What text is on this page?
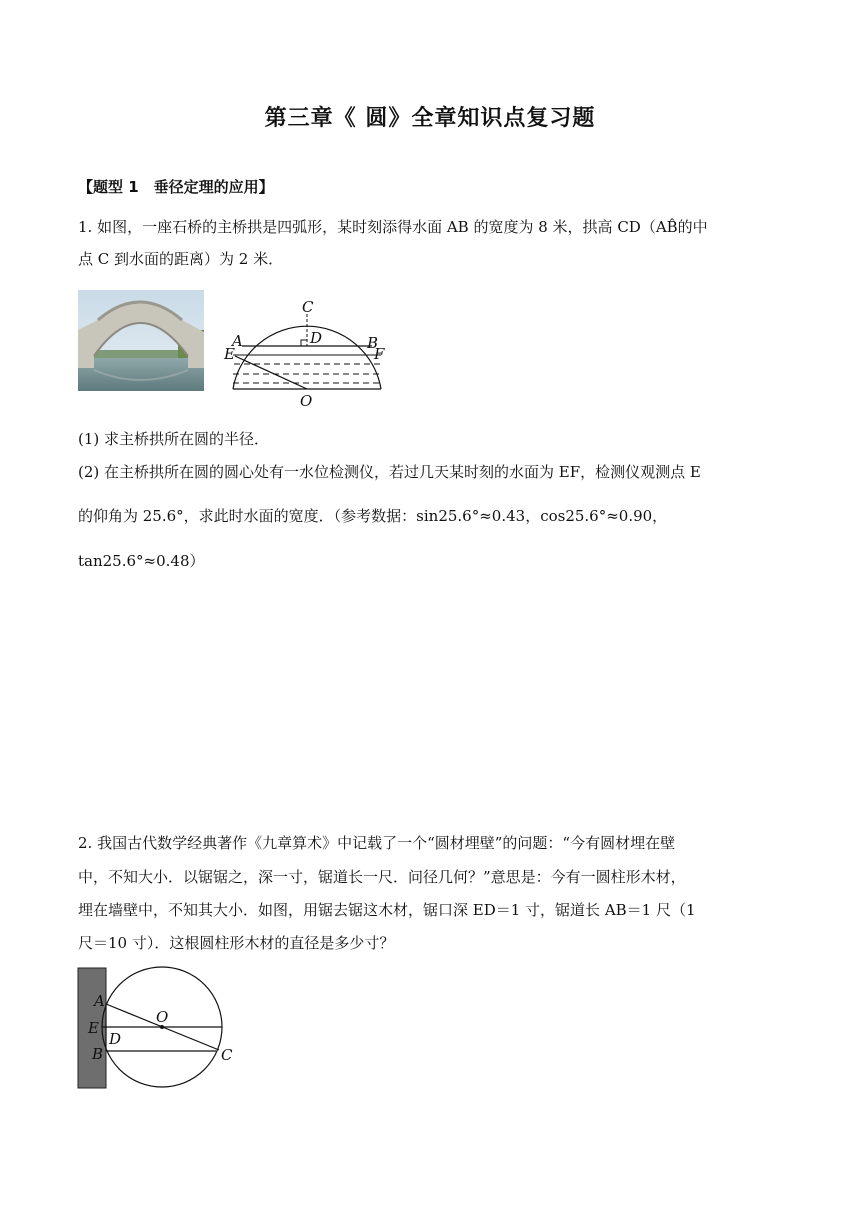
第三章《 圆》全章知识点复习题
【题型 1　垂径定理的应用】
1. 如图，一座石桥的主桥拱是四弧形，某时刻添得水面 AB 的宽度为 8 米，拱高 CD（AB̂的中
点 C 到水面的距离）为 2 米．
C
D
A	B
E	F
O
(1) 求主桥拱所在圆的半径．
(2) 在主桥拱所在圆的圆心处有一水位检测仪，若过几天某时刻的水面为 EF，检测仪观测点 E
的仰角为 25.6°，求此时水面的宽度．（参考数据：sin25.6°≈0.43，cos25.6°≈0.90，
tan25.6°≈0.48）
2. 我国古代数学经典著作《九章算术》中记载了一个“圆材埋壁”的问题：“今有圆材埋在壁
中，不知大小．以锯锯之，深一寸，锯道长一尺．问径几何？”意思是：今有一圆柱形木材，
埋在墙壁中，不知其大小．如图，用锯去锯这木材，锯口深 ED＝1 寸，锯道长 AB＝1 尺（1
尺＝10 寸）．这根圆柱形木材的直径是多少寸？
A
E
B
O
D
C
